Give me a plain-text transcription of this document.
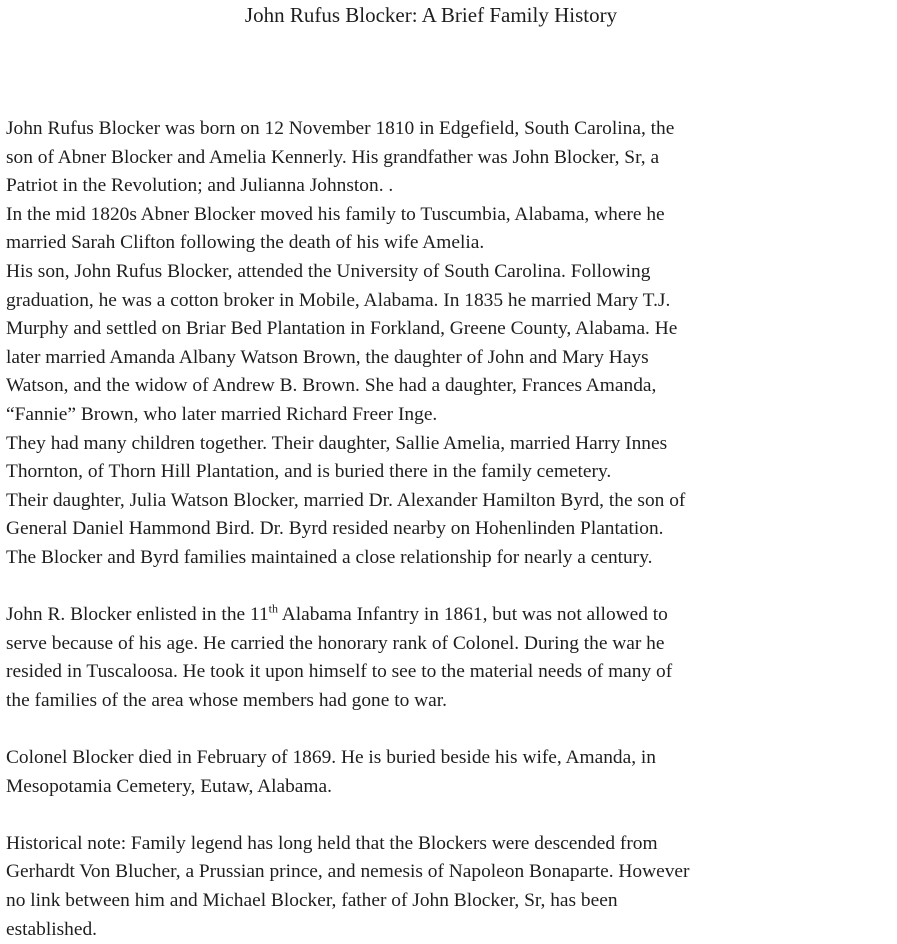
John Rufus Blocker: A Brief Family History

John Rufus Blocker was born on 12 November 1810 in Edgefield, South Carolina, the
son of Abner Blocker and Amelia Kennerly. His grandfather was John Blocker, Sr, a
Patriot in the Revolution; and Julianna Johnston. .

In the mid 1820s Abner Blocker moved his family to Tuscumbia, Alabama, where he
married Sarah Clifton following the death of his wife Amelia.

His son, John Rufus Blocker, attended the University of South Carolina. Following
graduation, he was a cotton broker in Mobile, Alabama. In 1835 he married Mary T.J.
Murphy and settled on Briar Bed Plantation in Forkland, Greene County, Alabama. He
later married Amanda Albany Watson Brown, the daughter of John and Mary Hays
Watson, and the widow of Andrew B. Brown. She had a daughter, Frances Amanda,
“Fannie” Brown, who later married Richard Freer Inge.

They had many children together. Their daughter, Sallie Amelia, married Harry Innes
Thornton, of Thorn Hill Plantation, and is buried there in the family cemetery.

Their daughter, Julia Watson Blocker, married Dr. Alexander Hamilton Byrd, the son of
General Daniel Hammond Bird. Dr. Byrd resided nearby on Hohenlinden Plantation.
The Blocker and Byrd families maintained a close relationship for nearly a century.

John R. Blocker enlisted in the 11th Alabama Infantry in 1861, but was not allowed to
serve because of his age. He carried the honorary rank of Colonel. During the war he
resided in Tuscaloosa. He took it upon himself to see to the material needs of many of
the families of the area whose members had gone to war.

Colonel Blocker died in February of 1869. He is buried beside his wife, Amanda, in
Mesopotamia Cemetery, Eutaw, Alabama.

Historical note: Family legend has long held that the Blockers were descended from
Gerhardt Von Blucher, a Prussian prince, and nemesis of Napoleon Bonaparte. However
no link between him and Michael Blocker, father of John Blocker, Sr, has been
established.
